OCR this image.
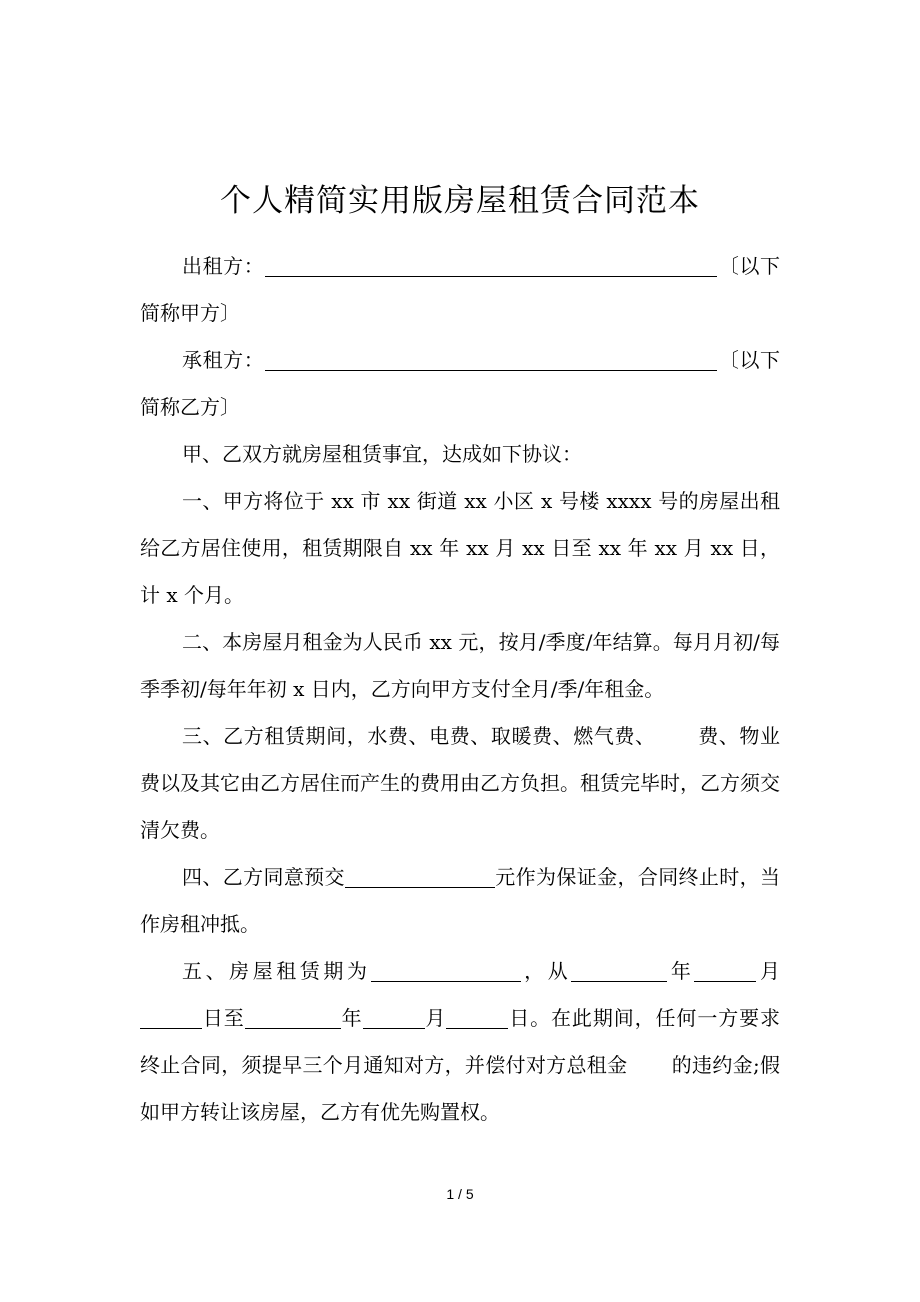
个人精简实用版房屋租赁合同范本

出租方：	〔以下简称甲方〕

承租方：	〔以下简称乙方〕

甲、乙双方就房屋租赁事宜，达成如下协议：

一、甲方将位于 xx 市 xx 街道 xx 小区 x 号楼 xxxx 号的房屋出租给乙方居住使用，租赁期限自 xx 年 xx 月 xx 日至 xx 年 xx 月 xx 日，计 x 个月。

二、本房屋月租金为人民币 xx 元，按月/季度/年结算。每月月初/每季季初/每年年初 x 日内，乙方向甲方支付全月/季/年租金。

三、乙方租赁期间，水费、电费、取暖费、燃气费、 费、物业费以及其它由乙方居住而产生的费用由乙方负担。租赁完毕时，乙方须交清欠费。

四、乙方同意预交	元作为保证金，合同终止时，当作房租冲抵。

五、房屋租赁期为	，从	年	月日至	年	月	日。在此期间，任何一方要求终止合同，须提早三个月通知对方，并偿付对方总租金 的违约金;假如甲方转让该房屋，乙方有优先购置权。

1 / 5
